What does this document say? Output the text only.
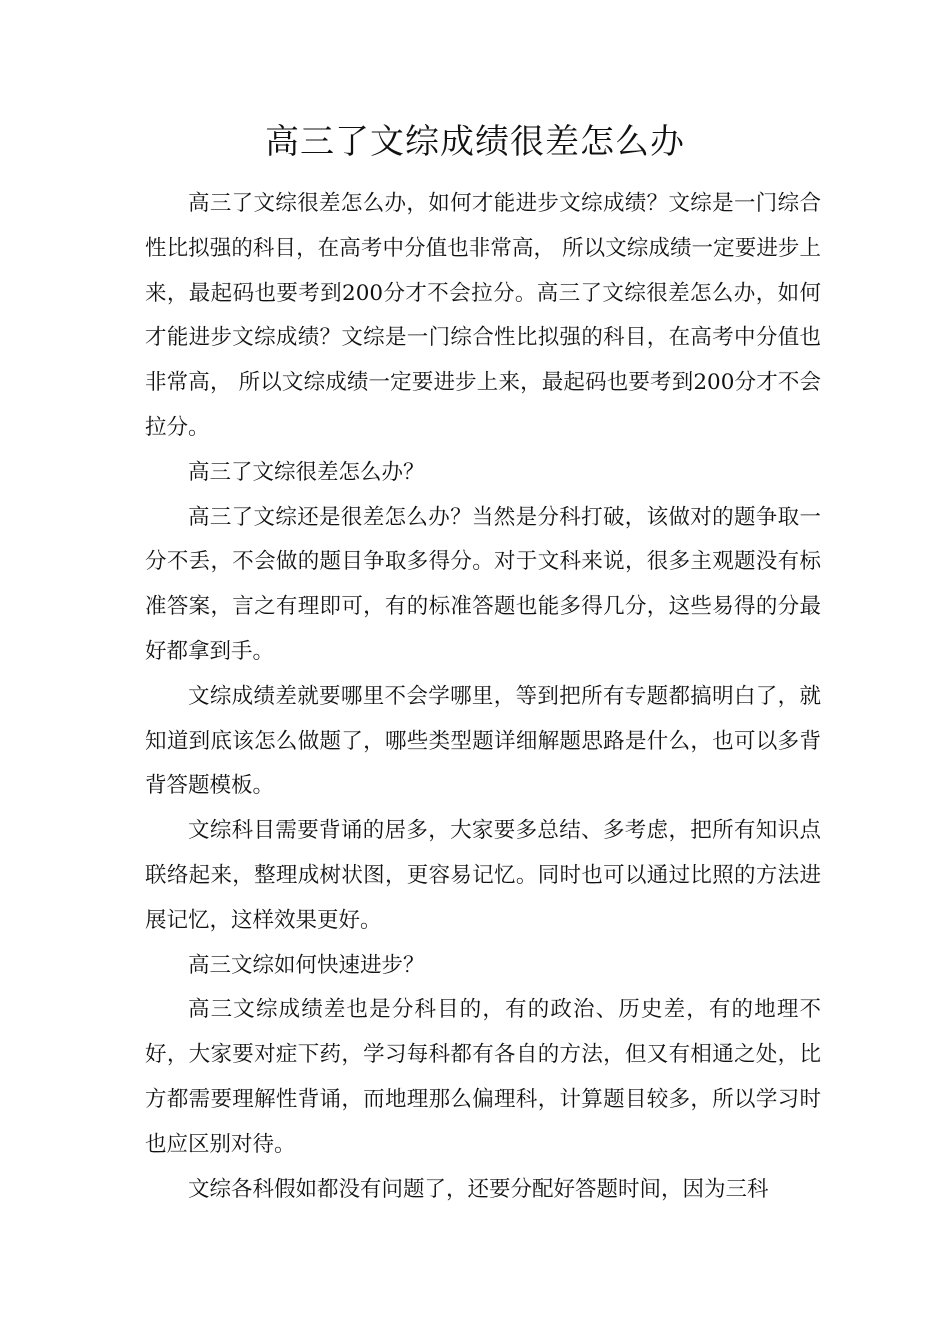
高三了文综成绩很差怎么办

高三了文综很差怎么办，如何才能进步文综成绩？文综是一门综合性比拟强的科目，在高考中分值也非常高， 所以文综成绩一定要进步上来，最起码也要考到200分才不会拉分。高三了文综很差怎么办，如何才能进步文综成绩？文综是一门综合性比拟强的科目，在高考中分值也非常高， 所以文综成绩一定要进步上来，最起码也要考到200分才不会拉分。

高三了文综很差怎么办？

高三了文综还是很差怎么办？当然是分科打破，该做对的题争取一分不丢，不会做的题目争取多得分。对于文科来说，很多主观题没有标准答案，言之有理即可，有的标准答题也能多得几分，这些易得的分最好都拿到手。

文综成绩差就要哪里不会学哪里，等到把所有专题都搞明白了，就知道到底该怎么做题了，哪些类型题详细解题思路是什么，也可以多背背答题模板。

文综科目需要背诵的居多，大家要多总结、多考虑，把所有知识点联络起来，整理成树状图，更容易记忆。同时也可以通过比照的方法进展记忆，这样效果更好。

高三文综如何快速进步？

高三文综成绩差也是分科目的，有的政治、历史差，有的地理不好，大家要对症下药，学习每科都有各自的方法，但又有相通之处，比方都需要理解性背诵，而地理那么偏理科，计算题目较多，所以学习时也应区别对待。

文综各科假如都没有问题了，还要分配好答题时间，因为三科
